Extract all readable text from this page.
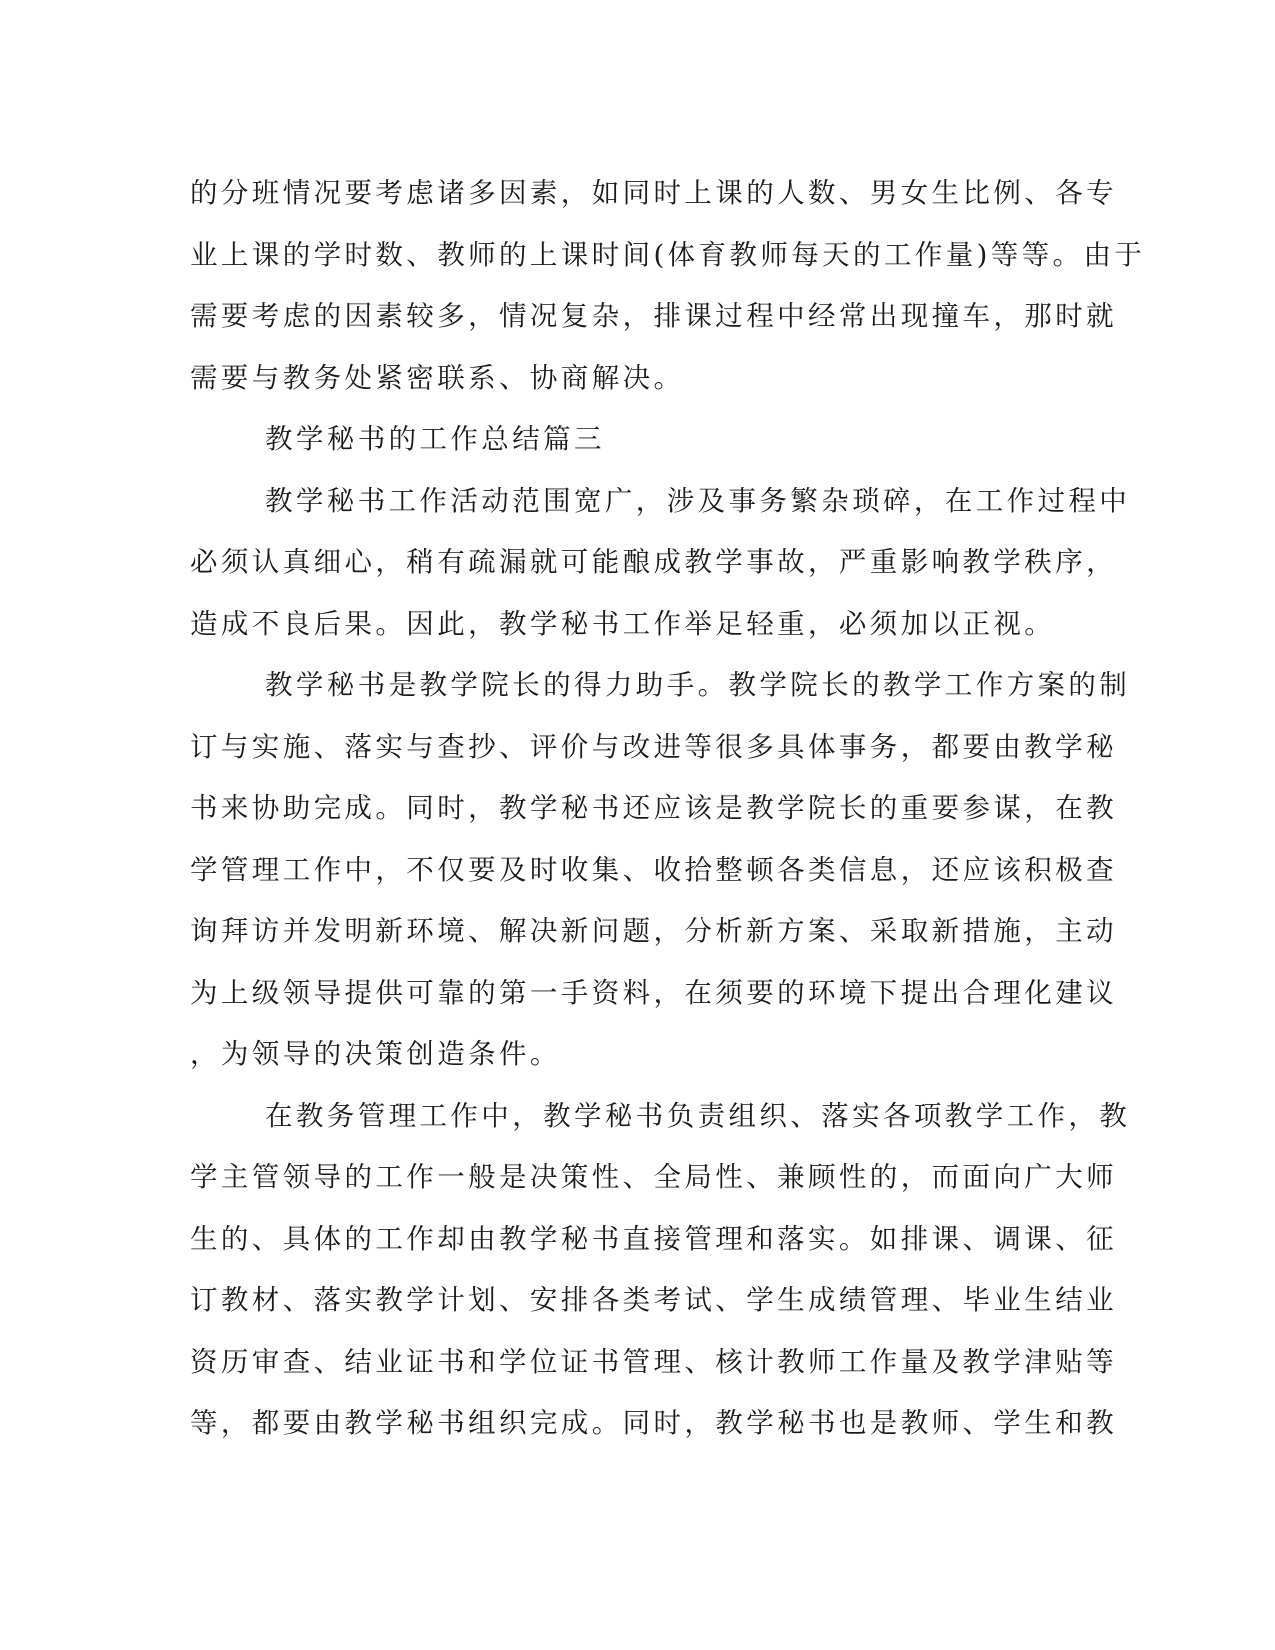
的分班情况要考虑诸多因素，如同时上课的人数、男女生比例、各专
业上课的学时数、教师的上课时间(体育教师每天的工作量)等等。由于
需要考虑的因素较多，情况复杂，排课过程中经常出现撞车，那时就
需要与教务处紧密联系、协商解决。
教学秘书的工作总结篇三
教学秘书工作活动范围宽广，涉及事务繁杂琐碎，在工作过程中
必须认真细心，稍有疏漏就可能酿成教学事故，严重影响教学秩序，
造成不良后果。因此，教学秘书工作举足轻重，必须加以正视。
教学秘书是教学院长的得力助手。教学院长的教学工作方案的制
订与实施、落实与查抄、评价与改进等很多具体事务，都要由教学秘
书来协助完成。同时，教学秘书还应该是教学院长的重要参谋，在教
学管理工作中，不仅要及时收集、收拾整顿各类信息，还应该积极查
询拜访并发明新环境、解决新问题，分析新方案、采取新措施，主动
为上级领导提供可靠的第一手资料，在须要的环境下提出合理化建议
，为领导的决策创造条件。
在教务管理工作中，教学秘书负责组织、落实各项教学工作，教
学主管领导的工作一般是决策性、全局性、兼顾性的，而面向广大师
生的、具体的工作却由教学秘书直接管理和落实。如排课、调课、征
订教材、落实教学计划、安排各类考试、学生成绩管理、毕业生结业
资历审查、结业证书和学位证书管理、核计教师工作量及教学津贴等
等，都要由教学秘书组织完成。同时，教学秘书也是教师、学生和教
